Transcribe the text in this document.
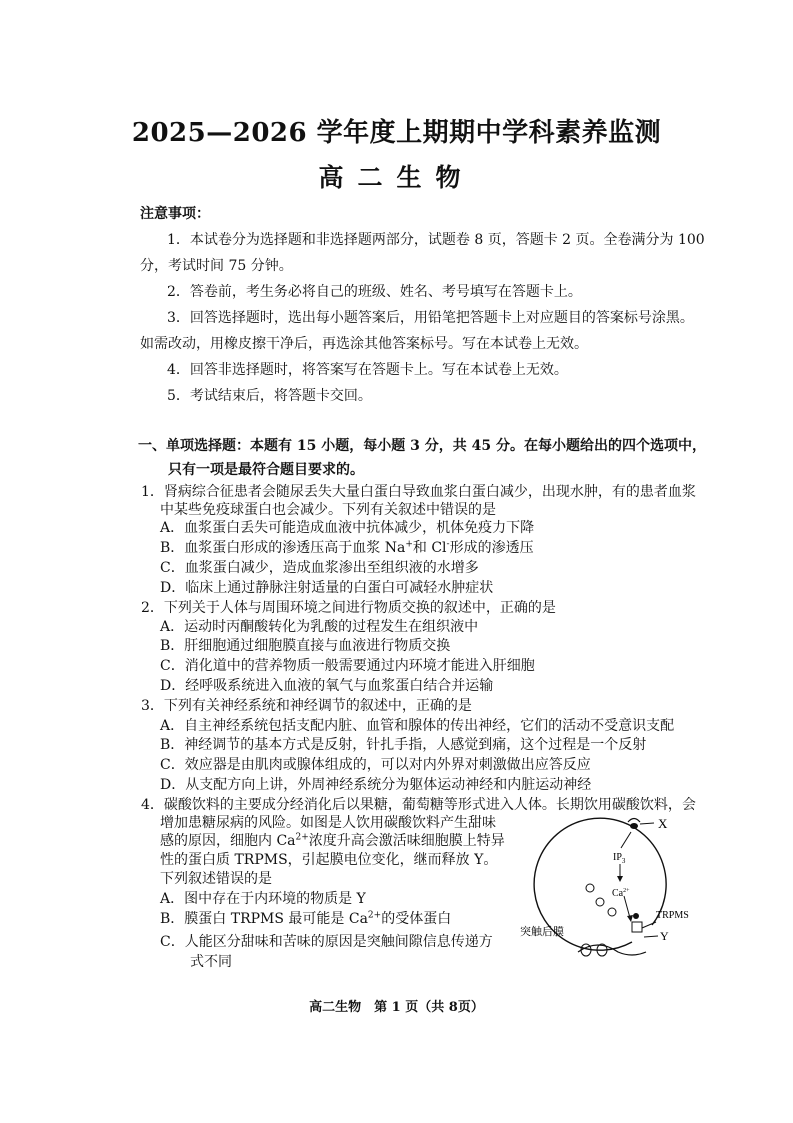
2025—2026 学年度上期期中学科素养监测
高二生物
注意事项：
1．本试卷分为选择题和非选择题两部分，试题卷 8 页，答题卡 2 页。全卷满分为 100
分，考试时间 75 分钟。
2．答卷前，考生务必将自己的班级、姓名、考号填写在答题卡上。
3．回答选择题时，选出每小题答案后，用铅笔把答题卡上对应题目的答案标号涂黑。
如需改动，用橡皮擦干净后，再选涂其他答案标号。写在本试卷上无效。
4．回答非选择题时，将答案写在答题卡上。写在本试卷上无效。
5．考试结束后，将答题卡交回。
一、单项选择题：本题有 15 小题，每小题 3 分，共 45 分。在每小题给出的四个选项中，
只有一项是最符合题目要求的。
1．肾病综合征患者会随尿丢失大量白蛋白导致血浆白蛋白减少，出现水肿，有的患者血浆
中某些免疫球蛋白也会减少。下列有关叙述中错误的是
A．血浆蛋白丢失可能造成血液中抗体减少，机体免疫力下降
B．血浆蛋白形成的渗透压高于血浆 Na+和 Cl-形成的渗透压
C．血浆蛋白减少，造成血浆渗出至组织液的水增多
D．临床上通过静脉注射适量的白蛋白可减轻水肿症状
2．下列关于人体与周围环境之间进行物质交换的叙述中，正确的是
A．运动时丙酮酸转化为乳酸的过程发生在组织液中
B．肝细胞通过细胞膜直接与血液进行物质交换
C．消化道中的营养物质一般需要通过内环境才能进入肝细胞
D．经呼吸系统进入血液的氧气与血浆蛋白结合并运输
3．下列有关神经系统和神经调节的叙述中，正确的是
A．自主神经系统包括支配内脏、血管和腺体的传出神经，它们的活动不受意识支配
B．神经调节的基本方式是反射，针扎手指，人感觉到痛，这个过程是一个反射
C．效应器是由肌肉或腺体组成的，可以对内外界对刺激做出应答反应
D．从支配方向上讲，外周神经系统分为躯体运动神经和内脏运动神经
4．碳酸饮料的主要成分经消化后以果糖，葡萄糖等形式进入人体。长期饮用碳酸饮料，会
增加患糖尿病的风险。如图是人饮用碳酸饮料产生甜味
感的原因，细胞内 $Ca^{2+}$浓度升高会激活味细胞膜上特异
性的蛋白质 TRPMS，引起膜电位变化，继而释放 Y。
下列叙述错误的是
A．图中存在于内环境的物质是 Y
B．膜蛋白 TRPMS 最可能是 $Ca^{2+}$的受体蛋白
C．人能区分甜味和苦味的原因是突触间隙信息传递方
式不同
X
$IP_3$
$Ca^{2+}$
TRPMS
Y
突触后膜
高二生物　第 1 页（共 8页）
